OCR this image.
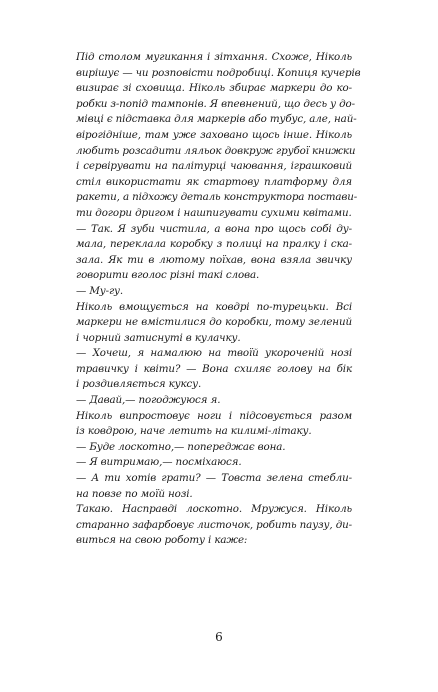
Під столом мугикання і зітхання. Схоже, Ніколь
вирішує — чи розповісти подробиці. Копиця кучерів
визирає зі сховища. Ніколь збирає маркери до ко-
робки з-попід тампонів. Я впевнений, що десь у до-
мівці є підставка для маркерів або тубус, але, най-
вірогідніше, там уже заховано щось інше. Ніколь
любить розсадити ляльок довкруж грубої книжки
і сервірувати на палітурці чаювання, іграшковий
стіл використати як стартову платформу для
ракети, а підхожу деталь конструктора постави-
ти догори дригом і нашпигувати сухими квітами.
— Так. Я зуби чистила, а вона про щось собі ду-
мала, переклала коробку з полиці на пралку і ска-
зала. Як ти в лютому поїхав, вона взяла звичку
говорити вголос різні такі слова.
— Му-гу.
Ніколь вмощується на ковдрі по-турецьки. Всі
маркери не вмістилися до коробки, тому зелений
і чорний затиснуті в кулачку.
— Хочеш, я намалюю на твоїй укороченій нозі
травичку і квіти? — Вона схиляє голову на бік
і роздивляється куксу.
— Давай,— погоджуюся я.
Ніколь випростовує ноги і підсовується разом
із ковдрою, наче летить на килимі-літаку.
— Буде лоскотно,— попереджає вона.
— Я витримаю,— посміхаюся.
— А ти хотів грати? — Товста зелена стебли-
на повзе по моїй нозі.
Такаю. Насправді лоскотно. Мружуся. Ніколь
старанно зафарбовує листочок, робить паузу, ди-
виться на свою роботу і каже:
6
